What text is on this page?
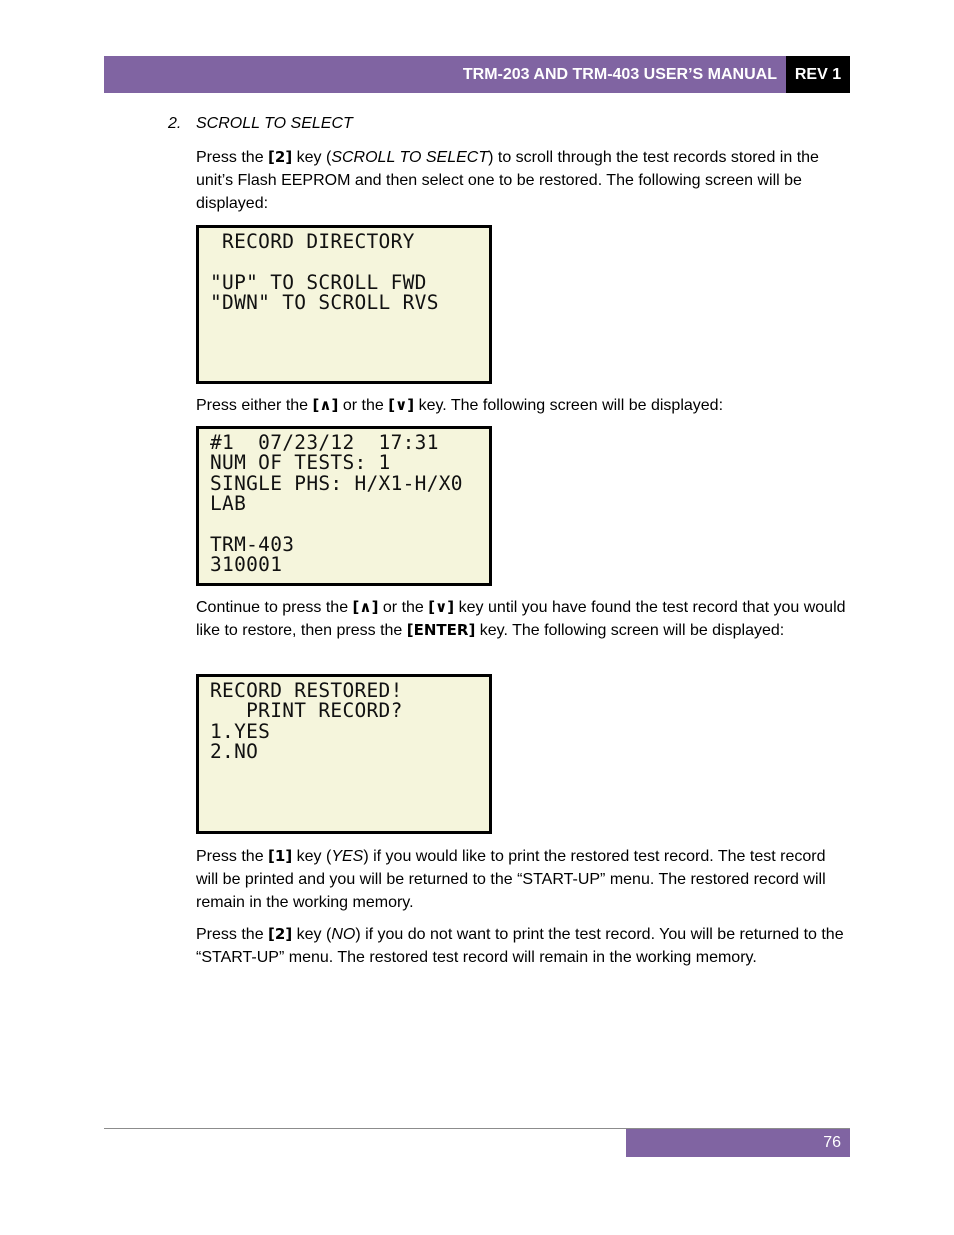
TRM-203 AND TRM-403 USER’S MANUAL REV 1
2. SCROLL TO SELECT

Press the [2] key (SCROLL TO SELECT) to scroll through the test records stored in the unit’s Flash EEPROM and then select one to be restored. The following screen will be displayed:

RECORD DIRECTORY
"UP" TO SCROLL FWD
"DWN" TO SCROLL RVS

Press either the [∧] or the [∨] key. The following screen will be displayed:

#1  07/23/12  17:31
NUM OF TESTS: 1
SINGLE PHS: H/X1-H/X0
LAB
TRM-403
310001

Continue to press the [∧] or the [∨] key until you have found the test record that you would like to restore, then press the [ENTER] key. The following screen will be displayed:

RECORD RESTORED!
PRINT RECORD?
1.YES
2.NO

Press the [1] key (YES) if you would like to print the restored test record. The test record will be printed and you will be returned to the “START-UP” menu. The restored record will remain in the working memory.

Press the [2] key (NO) if you do not want to print the test record. You will be returned to the “START-UP” menu. The restored test record will remain in the working memory.

76
